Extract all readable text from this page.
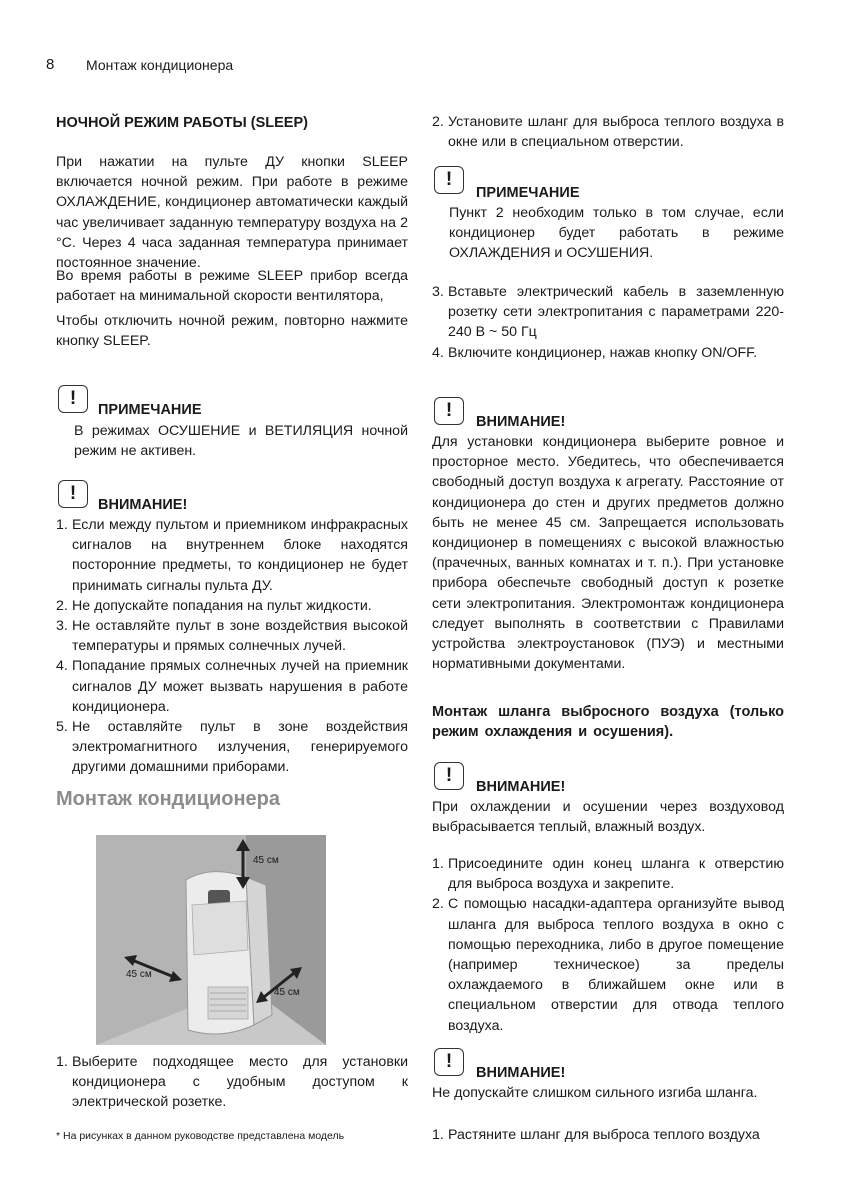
8 Монтаж кондиционера
НОЧНОЙ РЕЖИМ РАБОТЫ (SLEEP)

При нажатии на пульте ДУ кнопки SLEEP включается ночной режим. При работе в режиме ОХЛАЖДЕНИЕ, кондиционер автоматически каждый час увеличивает заданную температуру воздуха на 2 °С. Через 4 часа заданная температура принимает постоянное значение.

Во время работы в режиме SLEEP прибор всегда работает на минимальной скорости вентилятора,

Чтобы отключить ночной режим, повторно нажмите кнопку SLEEP.

!
ПРИМЕЧАНИЕ

В режимах ОСУШЕНИЕ и ВЕТИЛЯЦИЯ ночной режим не активен.

!
ВНИМАНИЕ!
1. Если между пультом и приемником инфракрасных сигналов на внутреннем блоке находятся посторонние предметы, то кондиционер не будет принимать сигналы пульта ДУ.
2. Не допускайте попадания на пульт жидкости.
3. Не оставляйте пульт в зоне воздействия высокой температуры и прямых солнечных лучей.
4. Попадание прямых солнечных лучей на приемник сигналов ДУ может вызвать нарушения в работе кондиционера.
5. Не оставляйте пульт в зоне воздействия электромагнитного излучения, генерируемого другими домашними приборами.
Монтаж кондиционера
45 см
45 см
45 см
1. Выберите подходящее место для установки кондиционера с удобным доступом к электрической розетке.
* На рисунках в данном руководстве представлена модель
2. Установите шланг для выброса теплого воздуха в окне или в специальном отверстии.
!
ПРИМЕЧАНИЕ

Пункт 2 необходим только в том случае, если кондиционер будет работать в режиме ОХЛАЖДЕНИЯ и ОСУШЕНИЯ.

3. Вставьте электрический кабель в заземленную розетку сети электропитания с параметрами 220-240 В ~ 50 Гц
4. Включите кондиционер, нажав кнопку ON/OFF.
!
ВНИМАНИЕ!

Для установки кондиционера выберите ровное и просторное место. Убедитесь, что обеспечивается свободный доступ воздуха к агрегату. Расстояние от кондиционера до стен и других предметов должно быть не менее 45 см. Запрещается использовать кондиционер в помещениях с высокой влажностью (прачечных, ванных комнатах и т. п.). При установке прибора обеспечьте свободный доступ к розетке сети электропитания. Электромонтаж кондиционера следует выполнять в соответствии с Правилами устройства электроустановок (ПУЭ) и местными нормативными документами.

Монтаж шланга выбросного воздуха (только режим охлаждения и осушения).
!
ВНИМАНИЕ!

При охлаждении и осушении через воздуховод выбрасывается теплый, влажный воздух.

1. Присоедините один конец шланга к отверстию для выброса воздуха и закрепите.
2. С помощью насадки-адаптера организуйте вывод шланга для выброса теплого воздуха в окно с помощью переходника, либо в другое помещение (например техническое) за пределы охлаждаемого в ближайшем окне или в специальном отверстии для отвода теплого воздуха.
!
ВНИМАНИЕ!

Не допускайте слишком сильного изгиба шланга.

1. Растяните шланг для выброса теплого воздуха
